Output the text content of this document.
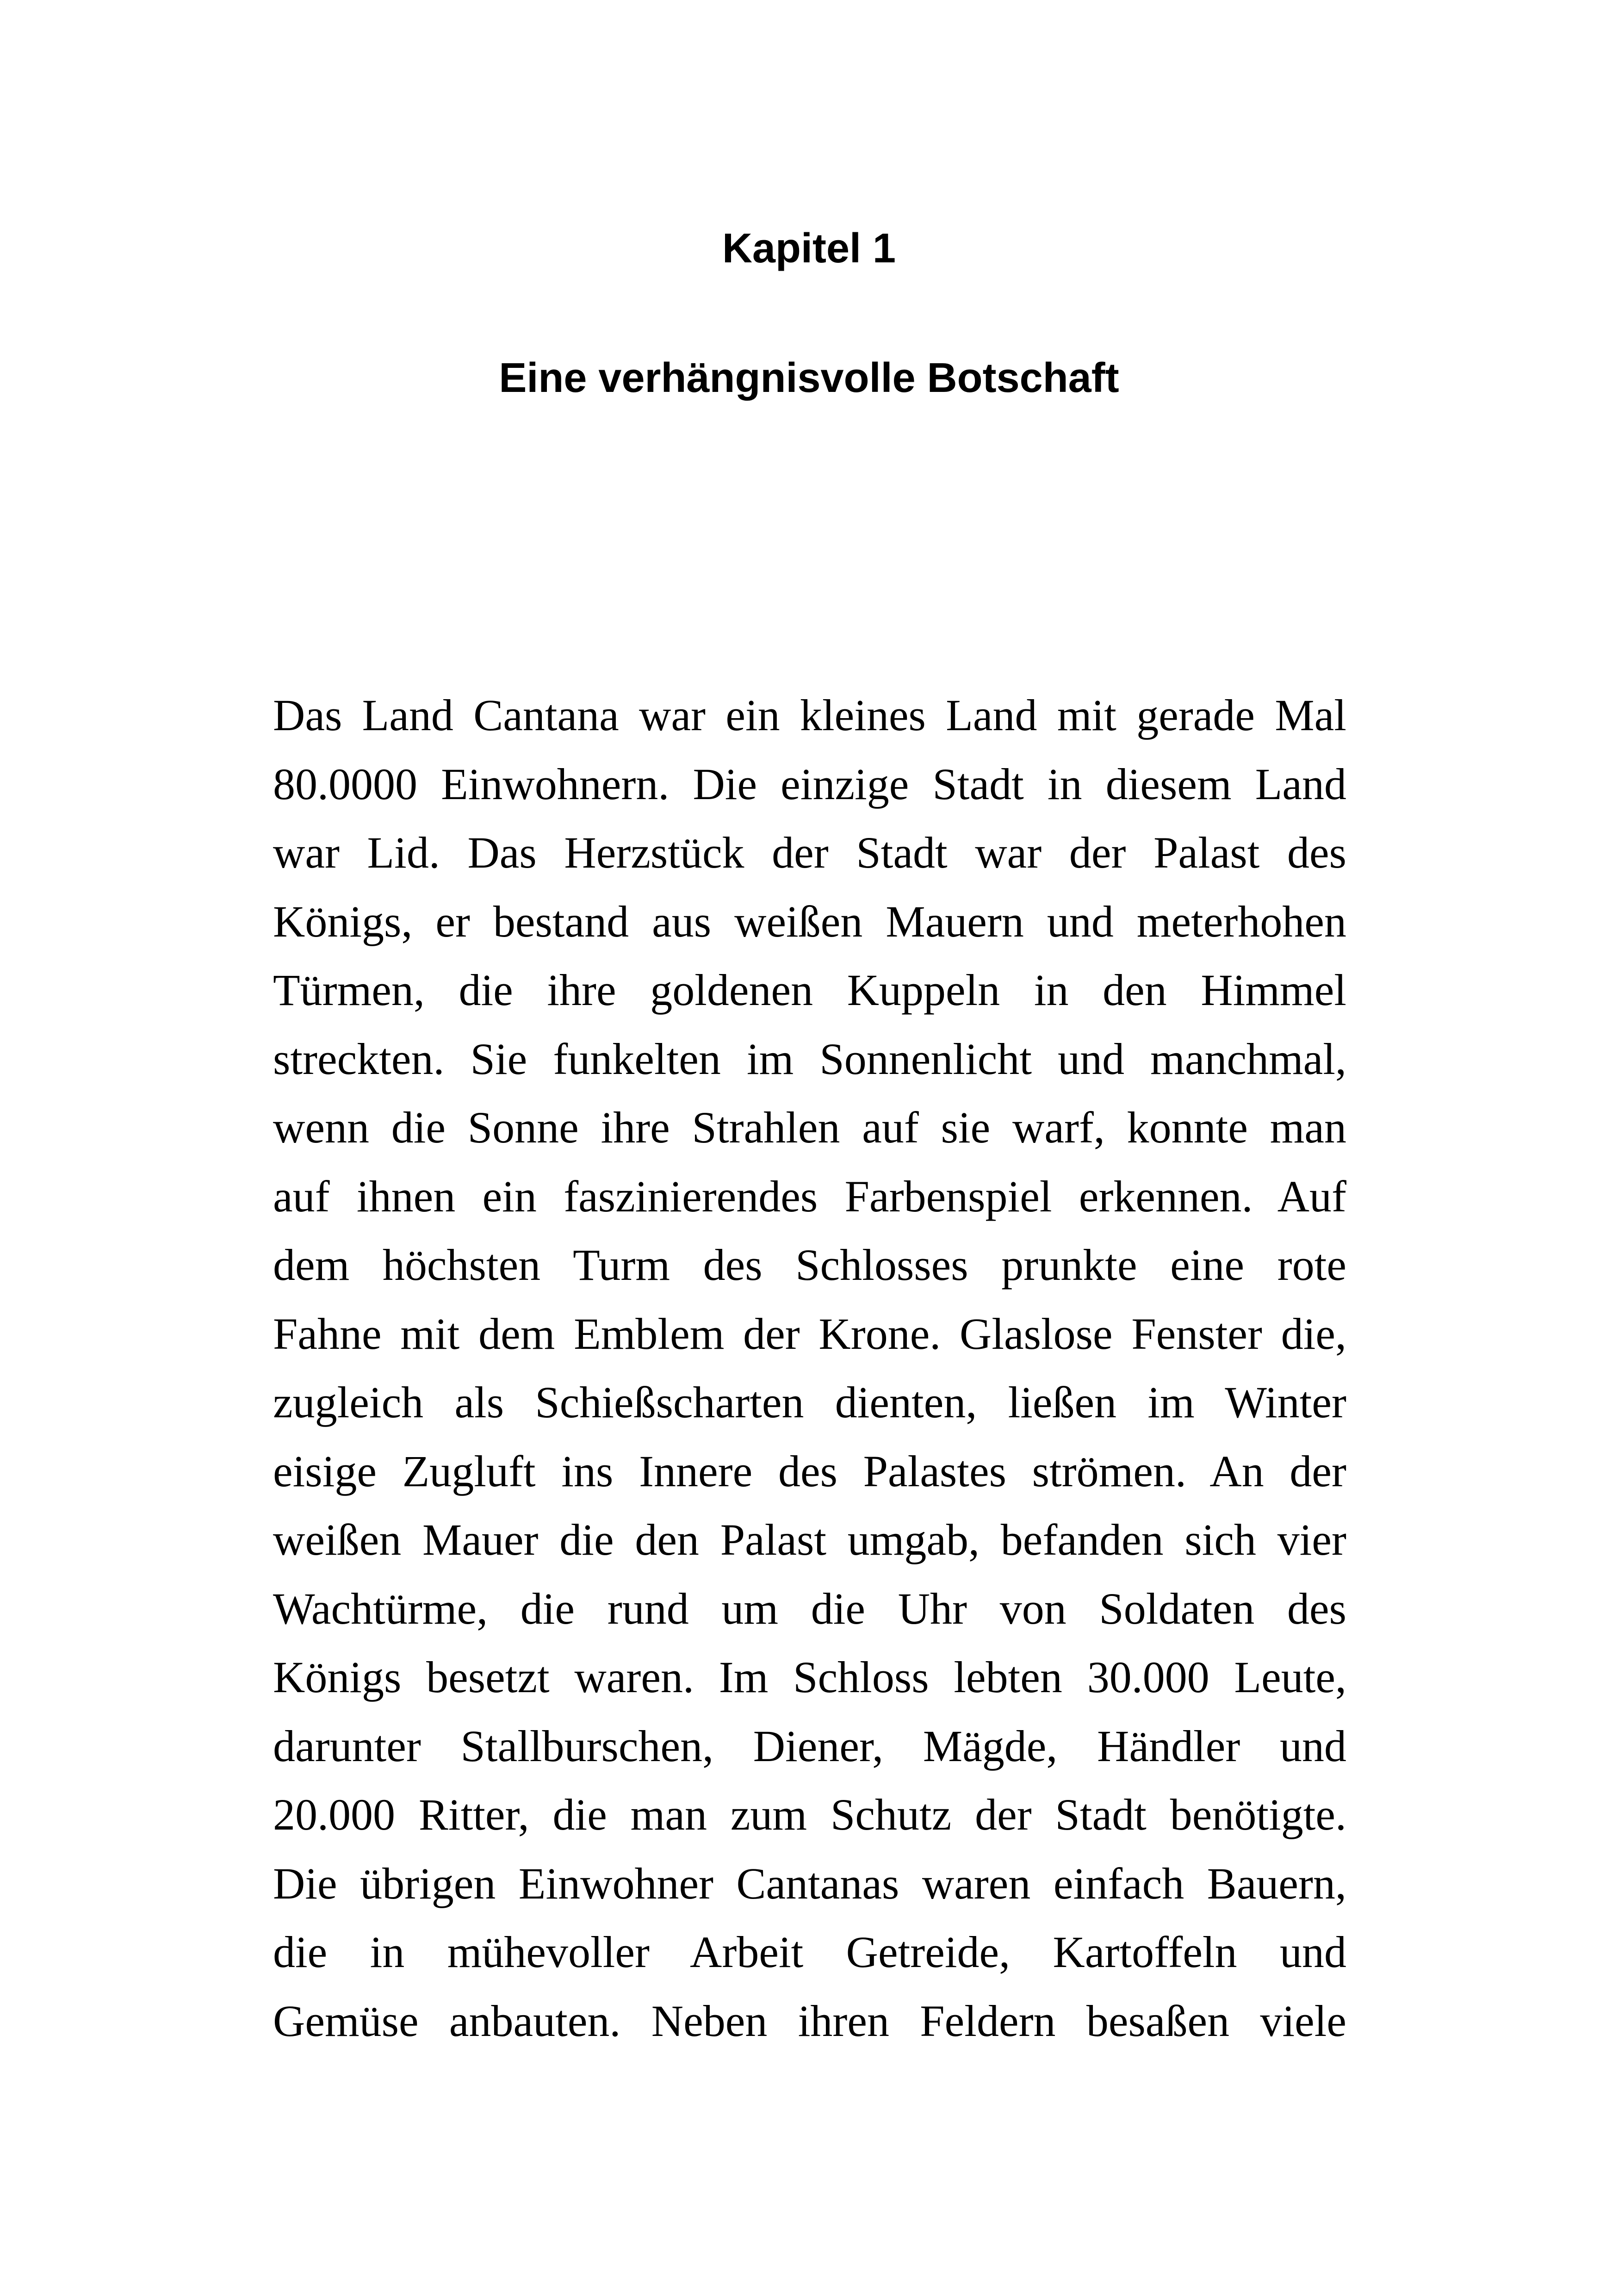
Kapitel 1
Eine verhängnisvolle Botschaft
Das Land Cantana war ein kleines Land mit gerade Mal
80.0000 Einwohnern. Die einzige Stadt in diesem Land
war Lid. Das Herzstück der Stadt war der Palast des
Königs, er bestand aus weißen Mauern und meterhohen
Türmen, die ihre goldenen Kuppeln in den Himmel
streckten. Sie funkelten im Sonnenlicht und manchmal,
wenn die Sonne ihre Strahlen auf sie warf, konnte man
auf ihnen ein faszinierendes Farbenspiel erkennen. Auf
dem höchsten Turm des Schlosses prunkte eine rote
Fahne mit dem Emblem der Krone. Glaslose Fenster die,
zugleich als Schießscharten dienten, ließen im Winter
eisige Zugluft ins Innere des Palastes strömen. An der
weißen Mauer die den Palast umgab, befanden sich vier
Wachtürme, die rund um die Uhr von Soldaten des
Königs besetzt waren. Im Schloss lebten 30.000 Leute,
darunter Stallburschen, Diener, Mägde, Händler und
20.000 Ritter, die man zum Schutz der Stadt benötigte.
Die übrigen Einwohner Cantanas waren einfach Bauern,
die in mühevoller Arbeit Getreide, Kartoffeln und
Gemüse anbauten. Neben ihren Feldern besaßen viele
